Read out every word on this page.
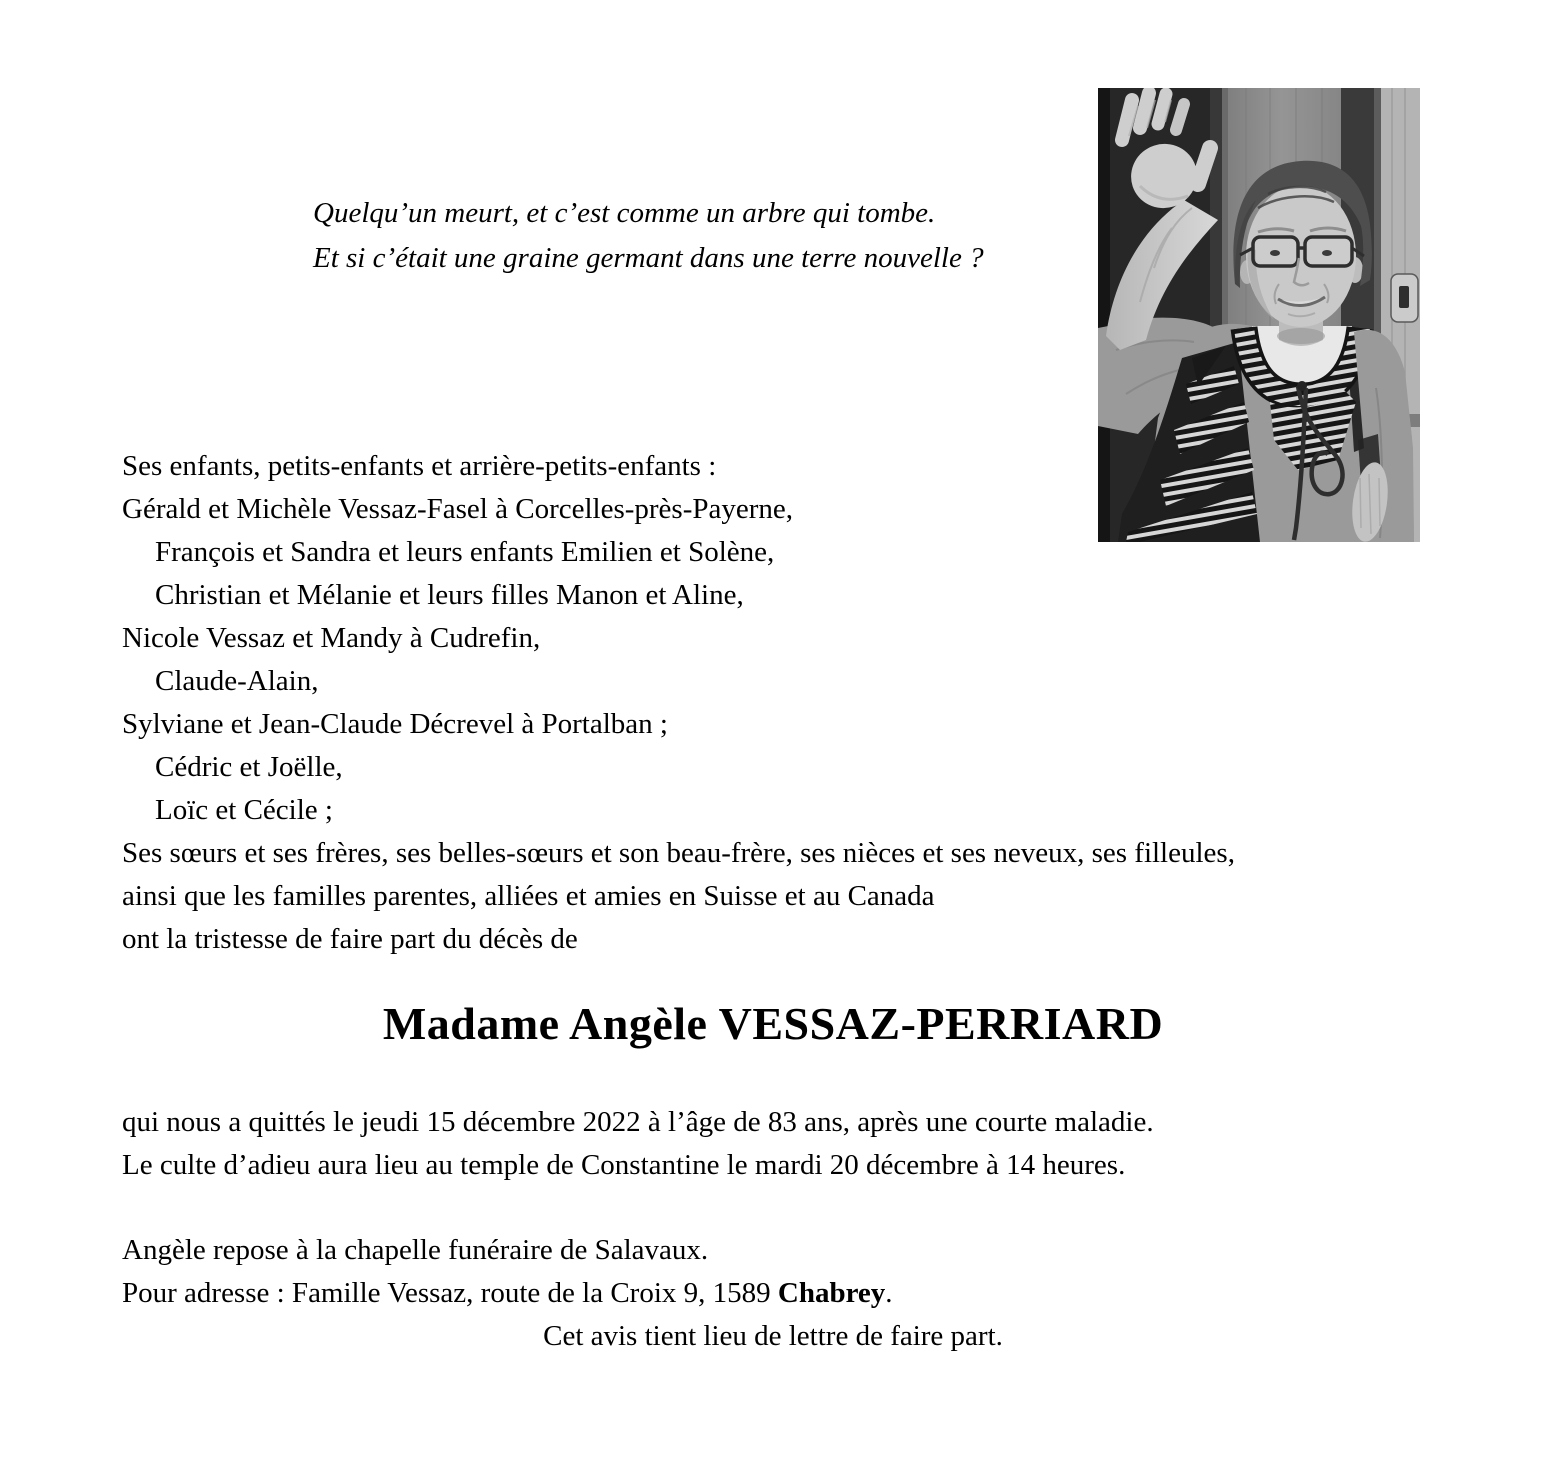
Quelqu’un meurt, et c’est comme un arbre qui tombe.
Et si c’était une graine germant dans une terre nouvelle ?
Ses enfants, petits-enfants et arrière-petits-enfants :
Gérald et Michèle Vessaz-Fasel à Corcelles-près-Payerne,
François et Sandra et leurs enfants Emilien et Solène,
Christian et Mélanie et leurs filles Manon et Aline,
Nicole Vessaz et Mandy à Cudrefin,
Claude-Alain,
Sylviane et Jean-Claude Décrevel à Portalban ;
Cédric et Joëlle,
Loïc et Cécile ;
Ses sœurs et ses frères, ses belles-sœurs et son beau-frère, ses nièces et ses neveux, ses filleules,
ainsi que les familles parentes, alliées et amies en Suisse et au Canada
ont la tristesse de faire part du décès de
Madame Angèle VESSAZ-PERRIARD
qui nous a quittés le jeudi 15 décembre 2022 à l’âge de 83 ans, après une courte maladie.
Le culte d’adieu aura lieu au temple de Constantine le mardi 20 décembre à 14 heures.
Angèle repose à la chapelle funéraire de Salavaux.
Pour adresse : Famille Vessaz, route de la Croix 9, 1589 Chabrey.
Cet avis tient lieu de lettre de faire part.
